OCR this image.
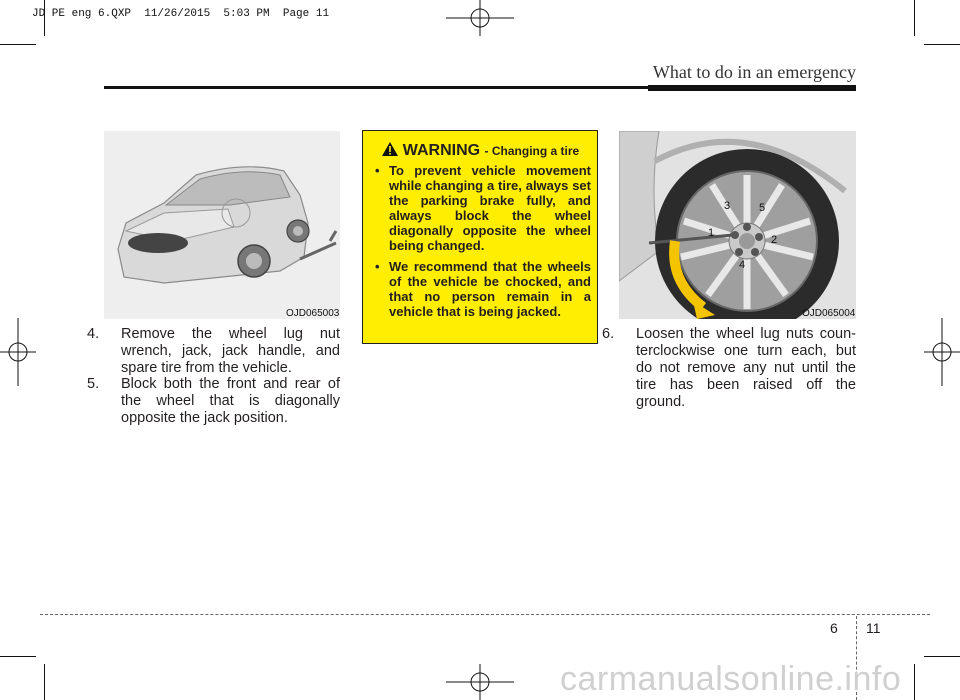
JD PE eng 6.QXP  11/26/2015  5:03 PM  Page 11
What to do in an emergency
OJD065003
4. Remove the wheel lug nut wrench, jack, jack handle, and spare tire from the vehicle.
5. Block both the front and rear of the wheel that is diagonally opposite the jack position.
WARNING - Changing a tire
• To prevent vehicle movement while changing a tire, always set the parking brake fully, and always block the wheel diagonally opposite the wheel being changed.
• We recommend that the wheels of the vehicle be chocked, and that no person remain in a vehicle that is being jacked.
1
2
3
4
5
OJD065004
6. Loosen the wheel lug nuts coun-terclockwise one turn each, but do not remove any nut until the tire has been raised off the ground.
6 11
carmanualsonline.info
